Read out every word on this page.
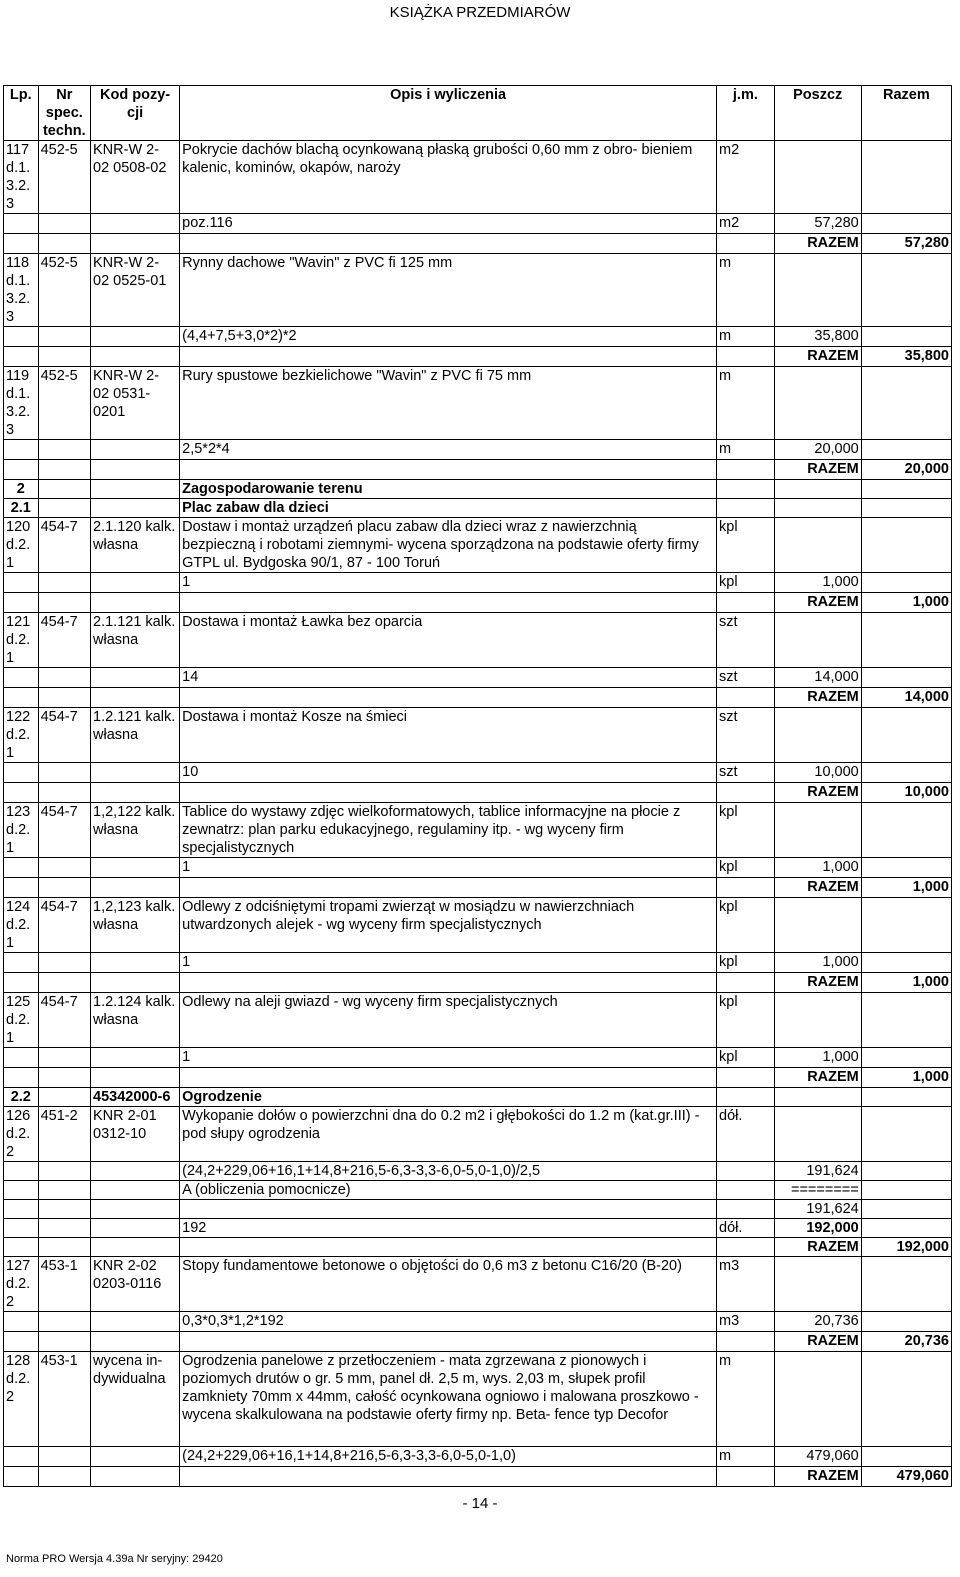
KSIĄŻKA PRZEDMIARÓW
Lp.	Nr spec. techn.	Kod pozy- cji	Opis i wyliczenia	j.m.	Poszcz	Razem
117 d.1. 3.2. 3	452-5	KNR-W 2- 02 0508-02	Pokrycie dachów blachą ocynkowaną płaską grubości 0,60 mm z obro- bieniem kalenic, kominów, okapów, naroży	m2		
			poz.116	m2	57,280	
					RAZEM	57,280
118 d.1. 3.2. 3	452-5	KNR-W 2- 02 0525-01	Rynny dachowe "Wavin" z PVC fi 125 mm	m		
			(4,4+7,5+3,0*2)*2	m	35,800	
					RAZEM	35,800
119 d.1. 3.2. 3	452-5	KNR-W 2- 02 0531- 0201	Rury spustowe bezkielichowe "Wavin" z PVC fi 75 mm	m		
			2,5*2*4	m	20,000	
					RAZEM	20,000
2			Zagospodarowanie terenu			
2.1			Plac zabaw dla dzieci			
120 d.2. 1	454-7	2.1.120 kalk. własna	Dostaw i montaż urządzeń placu zabaw dla dzieci wraz z nawierzchnią bezpieczną i robotami ziemnymi- wycena sporządzona na podstawie oferty firmy GTPL ul. Bydgoska 90/1, 87 - 100 Toruń	kpl		
			1	kpl	1,000	
					RAZEM	1,000
121 d.2. 1	454-7	2.1.121 kalk. własna	Dostawa i montaż Ławka bez oparcia	szt		
			14	szt	14,000	
					RAZEM	14,000
122 d.2. 1	454-7	1.2.121 kalk. własna	Dostawa i montaż Kosze na śmieci	szt		
			10	szt	10,000	
					RAZEM	10,000
123 d.2. 1	454-7	1,2,122 kalk. własna	Tablice do wystawy zdjęc wielkoformatowych, tablice informacyjne na płocie z zewnatrz: plan parku edukacyjnego, regulaminy itp. - wg wyceny firm specjalistycznych	kpl		
			1	kpl	1,000	
					RAZEM	1,000
124 d.2. 1	454-7	1,2,123 kalk. własna	Odlewy z odciśniętymi tropami zwierząt w mosiądzu w nawierzchniach utwardzonych alejek - wg wyceny firm specjalistycznych	kpl		
			1	kpl	1,000	
					RAZEM	1,000
125 d.2. 1	454-7	1.2.124 kalk. własna	Odlewy na aleji gwiazd - wg wyceny firm specjalistycznych	kpl		
			1	kpl	1,000	
					RAZEM	1,000
2.2		45342000-6	Ogrodzenie			
126 d.2. 2	451-2	KNR 2-01 0312-10	Wykopanie dołów o powierzchni dna do 0.2 m2 i głębokości do 1.2 m (kat.gr.III) - pod słupy ogrodzenia	dół.		
			(24,2+229,06+16,1+14,8+216,5-6,3-3,3-6,0-5,0-1,0)/2,5		191,624	
			A (obliczenia pomocnicze)		========	
					191,624	
			192	dół.	192,000	
					RAZEM	192,000
127 d.2. 2	453-1	KNR 2-02 0203-0116	Stopy fundamentowe betonowe o objętości do 0,6 m3 z betonu C16/20 (B-20)	m3		
			0,3*0,3*1,2*192	m3	20,736	
					RAZEM	20,736
128 d.2. 2	453-1	wycena in- dywidualna	Ogrodzenia panelowe z przetłoczeniem - mata zgrzewana z pionowych i poziomych drutów o gr. 5 mm, panel dł. 2,5 m, wys. 2,03 m, słupek profil zamkniety 70mm x 44mm, całość ocynkowana ogniowo i malowana proszkowo - wycena skalkulowana na podstawie oferty firmy np. Beta- fence typ Decofor	m		
			(24,2+229,06+16,1+14,8+216,5-6,3-3,3-6,0-5,0-1,0)	m	479,060	
					RAZEM	479,060
- 14 -
Norma PRO Wersja 4.39a Nr seryjny: 29420
